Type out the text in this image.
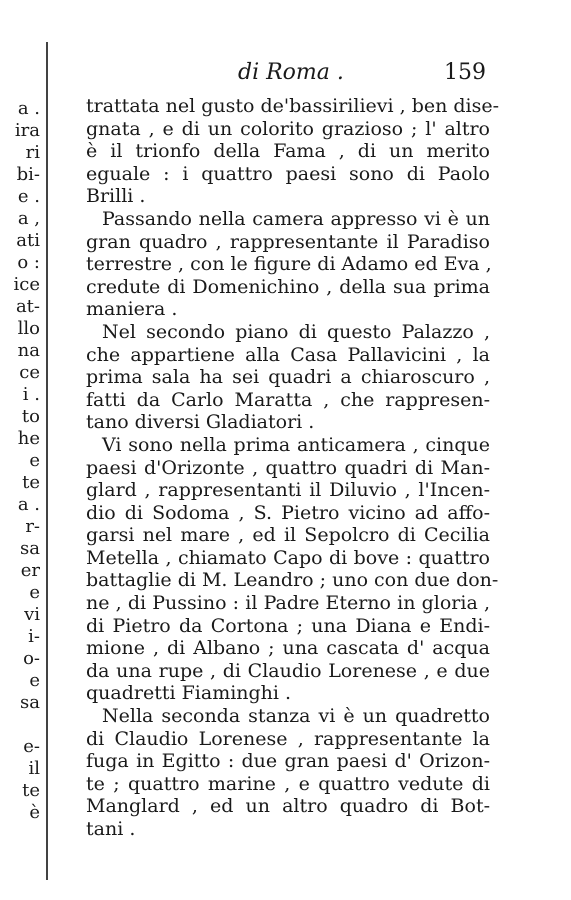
a .
ira
ri
bi-
e .
a ,
ati
o :
ice
at-
llo
na
ce
i .
to
he
e
te
a .
r-
sa
er
e
vi
i-
o-
e
sa
e-
il
te
è
di Roma .	159
trattata nel gusto de'bassirilievi , ben dise-
gnata , e di un colorito grazioso ; l' altro
è il trionfo della Fama , di un merito
eguale : i quattro paesi sono di Paolo
Brilli .
Passando nella camera appresso vi è un
gran quadro , rappresentante il Paradiso
terrestre , con le figure di Adamo ed Eva ,
credute di Domenichino , della sua prima
maniera .
Nel secondo piano di questo Palazzo ,
che appartiene alla Casa Pallavicini , la
prima sala ha sei quadri a chiaroscuro ,
fatti da Carlo Maratta , che rappresen-
tano diversi Gladiatori .
Vi sono nella prima anticamera , cinque
paesi d'Orizonte , quattro quadri di Man-
glard , rappresentanti il Diluvio , l'Incen-
dio di Sodoma , S. Pietro vicino ad affo-
garsi nel mare , ed il Sepolcro di Cecilia
Metella , chiamato Capo di bove : quattro
battaglie di M. Leandro ; uno con due don-
ne , di Pussino : il Padre Eterno in gloria ,
di Pietro da Cortona ; una Diana e Endi-
mione , di Albano ; una cascata d' acqua
da una rupe , di Claudio Lorenese , e due
quadretti Fiaminghi .
Nella seconda stanza vi è un quadretto
di Claudio Lorenese , rappresentante la
fuga in Egitto : due gran paesi d' Orizon-
te ; quattro marine , e quattro vedute di
Manglard , ed un altro quadro di Bot-
tani .
